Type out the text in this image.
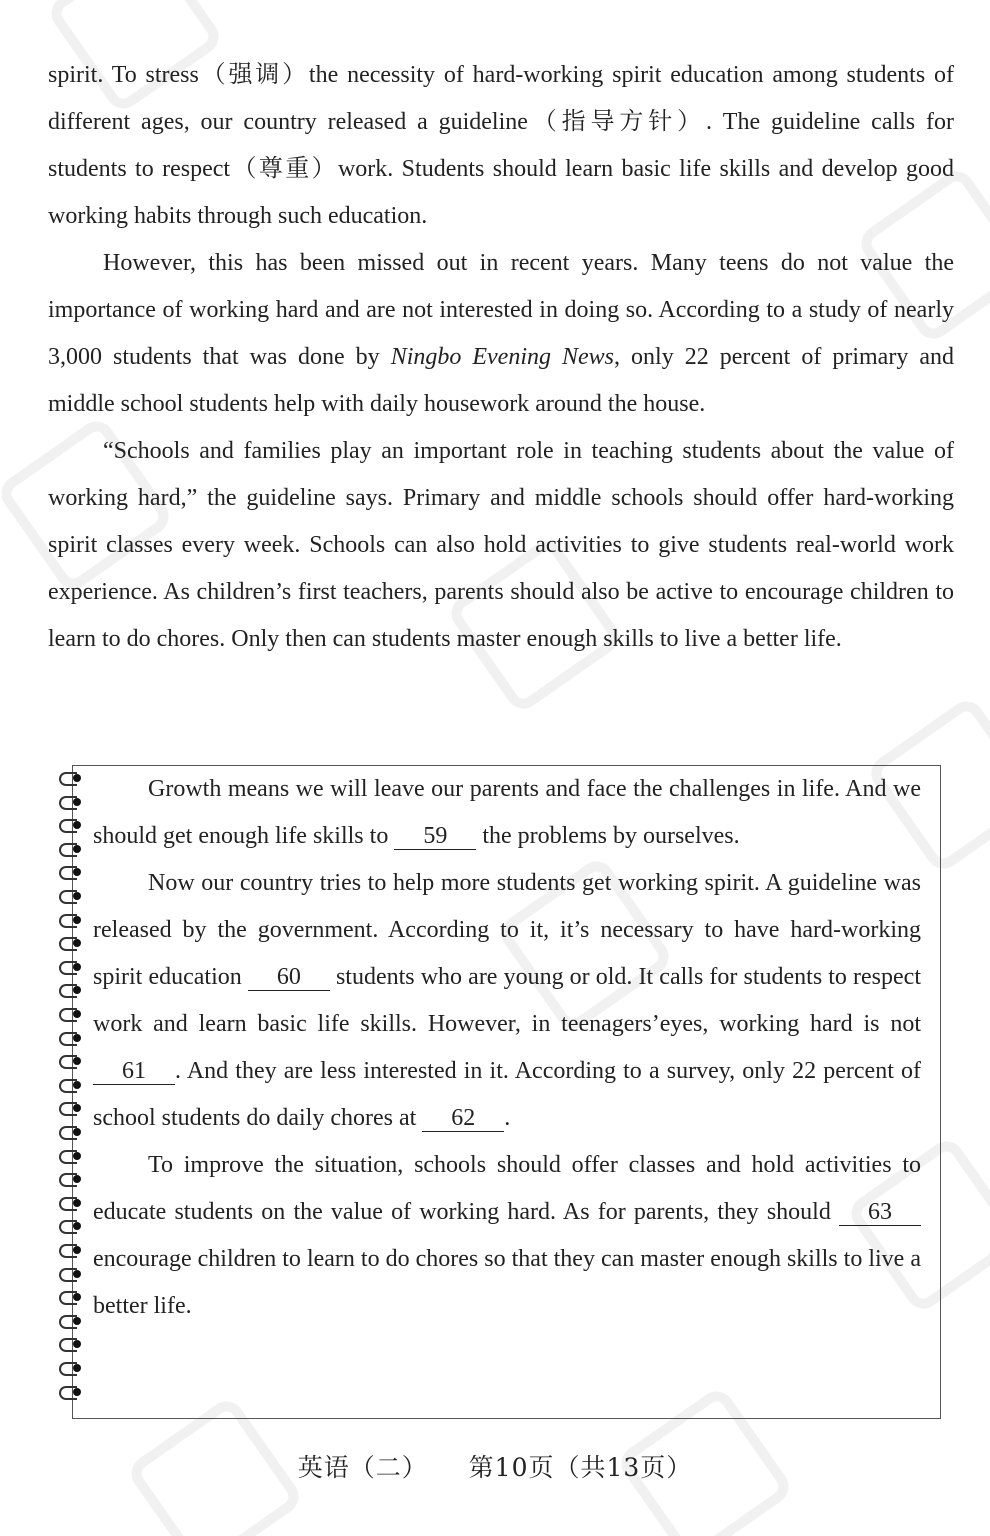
spirit. To stress（强调）the necessity of hard-working spirit education among students of different ages, our country released a guideline（指导方针）. The guideline calls for students to respect（尊重）work. Students should learn basic life skills and develop good working habits through such education.

However, this has been missed out in recent years. Many teens do not value the importance of working hard and are not interested in doing so. According to a study of nearly 3,000 students that was done by Ningbo Evening News, only 22 percent of primary and middle school students help with daily housework around the house.

“Schools and families play an important role in teaching students about the value of working hard,” the guideline says. Primary and middle schools should offer hard-working spirit classes every week. Schools can also hold activities to give students real-world work experience. As children’s first teachers, parents should also be active to encourage children to learn to do chores. Only then can students master enough skills to live a better life.

Growth means we will leave our parents and face the challenges in life. And we should get enough life skills to 59 the problems by ourselves.

Now our country tries to help more students get working spirit. A guideline was released by the government. According to it, it’s necessary to have hard-working spirit education 60 students who are young or old. It calls for students to respect work and learn basic life skills. However, in teenagers’eyes, working hard is not 61 . And they are less interested in it. According to a survey, only 22 percent of school students do daily chores at 62 .

To improve the situation, schools should offer classes and hold activities to educate students on the value of working hard. As for parents, they should 63 encourage children to learn to do chores so that they can master enough skills to live a better life.

英语（二） 第10页（共13页）
